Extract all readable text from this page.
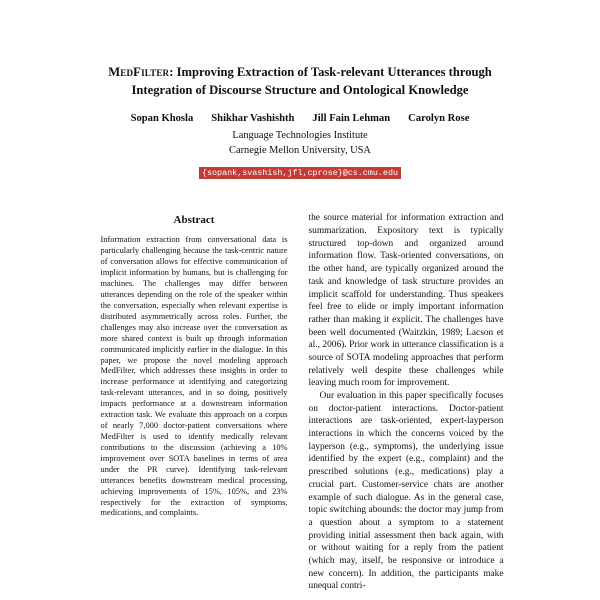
MedFilter: Improving Extraction of Task-relevant Utterances through
Integration of Discourse Structure and Ontological Knowledge
Sopan Khosla Shikhar Vashishth Jill Fain Lehman Carolyn Rose
Language Technologies Institute
Carnegie Mellon University, USA
{sopank,svashish,jfl,cprose}@cs.cmu.edu
Abstract
Information extraction from conversational data is particularly challenging because the task-centric nature of conversation allows for effective communication of implicit information by humans, but is challenging for machines. The challenges may differ between utterances depending on the role of the speaker within the conversation, especially when relevant expertise is distributed asymmetrically across roles. Further, the challenges may also increase over the conversation as more shared context is built up through information communicated implicitly earlier in the dialogue. In this paper, we propose the novel modeling approach MedFilter, which addresses these insights in order to increase performance at identifying and categorizing task-relevant utterances, and in so doing, positively impacts performance at a downstream information extraction task. We evaluate this approach on a corpus of nearly 7,000 doctor-patient conversations where MedFilter is used to identify medically relevant contributions to the discussion (achieving a 10% improvement over SOTA baselines in terms of area under the PR curve). Identifying task-relevant utterances benefits downstream medical processing, achieving improvements of 15%, 105%, and 23% respectively for the extraction of symptoms, medications, and complaints.

the source material for information extraction and summarization. Expository text is typically structured top-down and organized around information flow. Task-oriented conversations, on the other hand, are typically organized around the task and knowledge of task structure provides an implicit scaffold for understanding. Thus speakers feel free to elide or imply important information rather than making it explicit. The challenges have been well documented (Waitzkin, 1989; Lacson et al., 2006). Prior work in utterance classification is a source of SOTA modeling approaches that perform relatively well despite these challenges while leaving much room for improvement.

Our evaluation in this paper specifically focuses on doctor-patient interactions. Doctor-patient interactions are task-oriented, expert-layperson interactions in which the concerns voiced by the layperson (e.g., symptoms), the underlying issue identified by the expert (e.g., complaint) and the prescribed solutions (e.g., medications) play a crucial part. Customer-service chats are another example of such dialogue. As in the general case, topic switching abounds: the doctor may jump from a question about a symptom to a statement providing initial assessment then back again, with or without waiting for a reply from the patient (which may, itself, be responsive or introduce a new concern). In addition, the participants make unequal contri-
